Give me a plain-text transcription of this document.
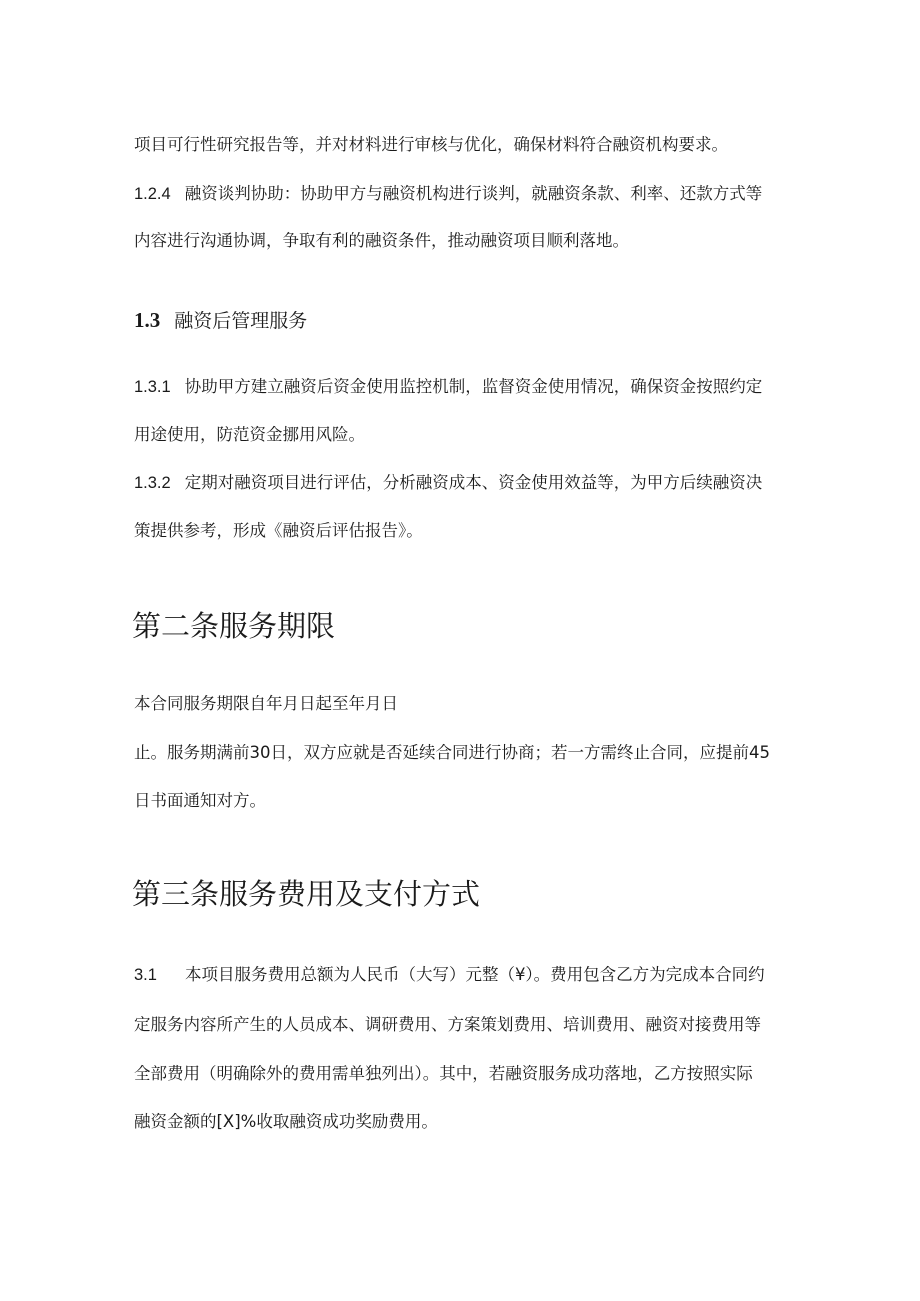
项目可行性研究报告等，并对材料进行审核与优化，确保材料符合融资机构要求。
1.2.4 融资谈判协助：协助甲方与融资机构进行谈判，就融资条款、利率、还款方式等
内容进行沟通协调，争取有利的融资条件，推动融资项目顺利落地。
1.3 融资后管理服务
1.3.1 协助甲方建立融资后资金使用监控机制，监督资金使用情况，确保资金按照约定
用途使用，防范资金挪用风险。
1.3.2 定期对融资项目进行评估，分析融资成本、资金使用效益等，为甲方后续融资决
策提供参考，形成《融资后评估报告》。
第二条服务期限
本合同服务期限自年月日起至年月日
止。服务期满前30日，双方应就是否延续合同进行协商；若一方需终止合同，应提前45
日书面通知对方。
第三条服务费用及支付方式
3.1 本项目服务费用总额为人民币（大写）元整（¥）。费用包含乙方为完成本合同约
定服务内容所产生的人员成本、调研费用、方案策划费用、培训费用、融资对接费用等
全部费用（明确除外的费用需单独列出）。其中，若融资服务成功落地，乙方按照实际
融资金额的[X]%收取融资成功奖励费用。
